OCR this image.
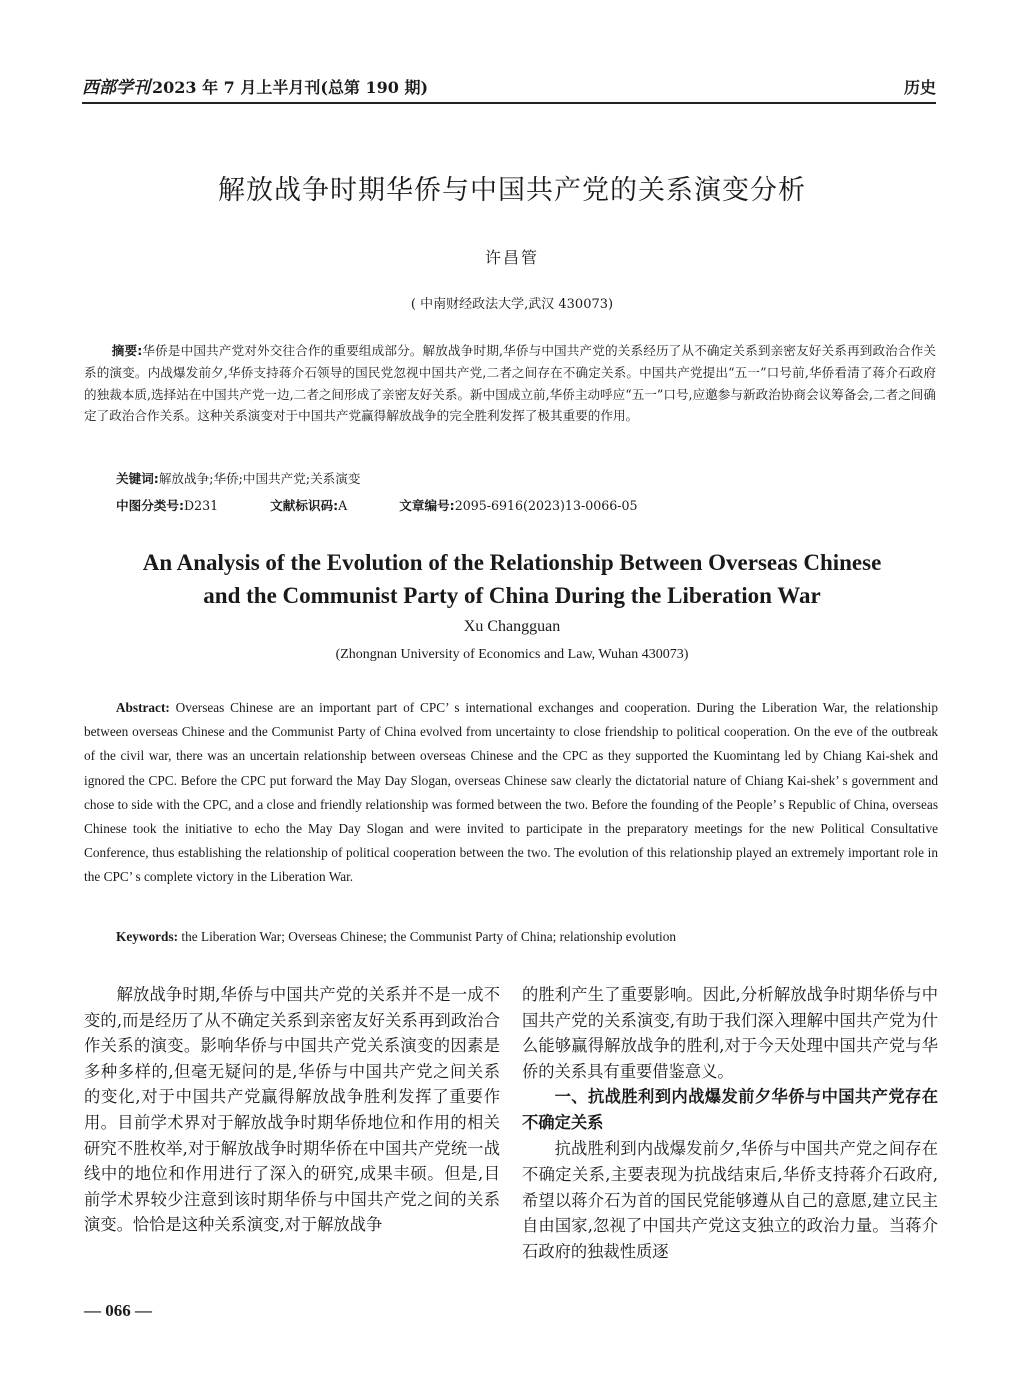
西部学刊 2023 年 7 月上半月刊(总第 190 期)	历史
解放战争时期华侨与中国共产党的关系演变分析
许昌管
( 中南财经政法大学,武汉 430073)

摘要:华侨是中国共产党对外交往合作的重要组成部分。解放战争时期,华侨与中国共产党的关系经历了从不确定关系到亲密友好关系再到政治合作关系的演变。内战爆发前夕,华侨支持蒋介石领导的国民党忽视中国共产党,二者之间存在不确定关系。中国共产党提出“五一”口号前,华侨看清了蒋介石政府的独裁本质,选择站在中国共产党一边,二者之间形成了亲密友好关系。新中国成立前,华侨主动呼应“五一”口号,应邀参与新政治协商会议筹备会,二者之间确定了政治合作关系。这种关系演变对于中国共产党赢得解放战争的完全胜利发挥了极其重要的作用。

关键词:解放战争;华侨;中国共产党;关系演变
中图分类号:D231	文献标识码:A	文章编号:2095-6916(2023)13-0066-05
An Analysis of the Evolution of the Relationship Between Overseas Chinese
and the Communist Party of China During the Liberation War
Xu Changguan
(Zhongnan University of Economics and Law, Wuhan 430073)

Abstract: Overseas Chinese are an important part of CPC’ s international exchanges and cooperation. During the Liberation War, the relationship between overseas Chinese and the Communist Party of China evolved from uncertainty to close friendship to political cooperation. On the eve of the outbreak of the civil war, there was an uncertain relationship between overseas Chinese and the CPC as they supported the Kuomintang led by Chiang Kai-shek and ignored the CPC. Before the CPC put forward the May Day Slogan, overseas Chinese saw clearly the dictatorial nature of Chiang Kai-shek’ s government and chose to side with the CPC, and a close and friendly relationship was formed between the two. Before the founding of the People’ s Republic of China, overseas Chinese took the initiative to echo the May Day Slogan and were invited to participate in the preparatory meetings for the new Political Consultative Conference, thus establishing the relationship of political cooperation between the two. The evolution of this relationship played an extremely important role in the CPC’ s complete victory in the Liberation War.

Keywords: the Liberation War; Overseas Chinese; the Communist Party of China; relationship evolution

解放战争时期,华侨与中国共产党的关系并不是一成不变的,而是经历了从不确定关系到亲密友好关系再到政治合作关系的演变。影响华侨与中国共产党关系演变的因素是多种多样的,但毫无疑问的是,华侨与中国共产党之间关系的变化,对于中国共产党赢得解放战争胜利发挥了重要作用。目前学术界对于解放战争时期华侨地位和作用的相关研究不胜枚举,对于解放战争时期华侨在中国共产党统一战线中的地位和作用进行了深入的研究,成果丰硕。但是,目前学术界较少注意到该时期华侨与中国共产党之间的关系演变。恰恰是这种关系演变,对于解放战争

的胜利产生了重要影响。因此,分析解放战争时期华侨与中国共产党的关系演变,有助于我们深入理解中国共产党为什么能够赢得解放战争的胜利,对于今天处理中国共产党与华侨的关系具有重要借鉴意义。

一、抗战胜利到内战爆发前夕华侨与中国共产党存在不确定关系

抗战胜利到内战爆发前夕,华侨与中国共产党之间存在不确定关系,主要表现为抗战结束后,华侨支持蒋介石政府,希望以蒋介石为首的国民党能够遵从自己的意愿,建立民主自由国家,忽视了中国共产党这支独立的政治力量。当蒋介石政府的独裁性质逐

— 066 —
